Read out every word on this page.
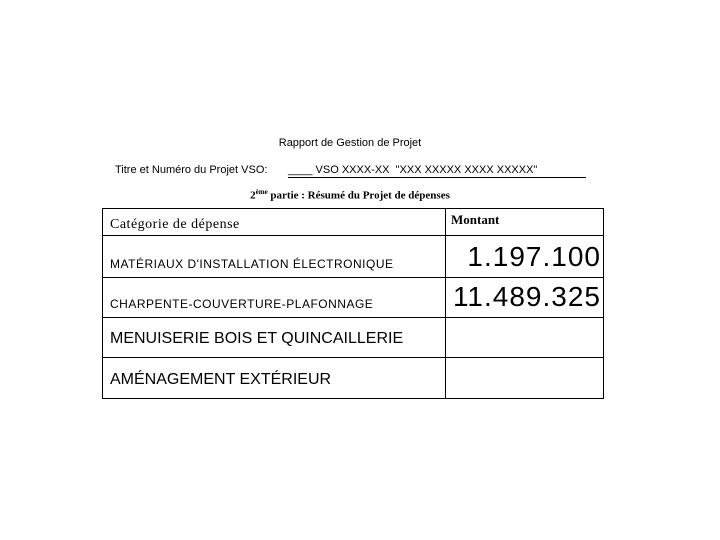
Rapport de Gestion de Projet
Titre et Numéro du Projet VSO: ____ VSO XXXX-XX  "XXX XXXXX XXXX XXXXX"
2ème partie : Résumé du Projet de dépenses
Catégorie de dépense	Montant
MATÉRIAUX D'INSTALLATION ÉLECTRONIQUE	1.197.100
CHARPENTE-COUVERTURE-PLAFONNAGE	11.489.325
MENUISERIE BOIS ET QUINCAILLERIE	
AMÉNAGEMENT EXTÉRIEUR	
